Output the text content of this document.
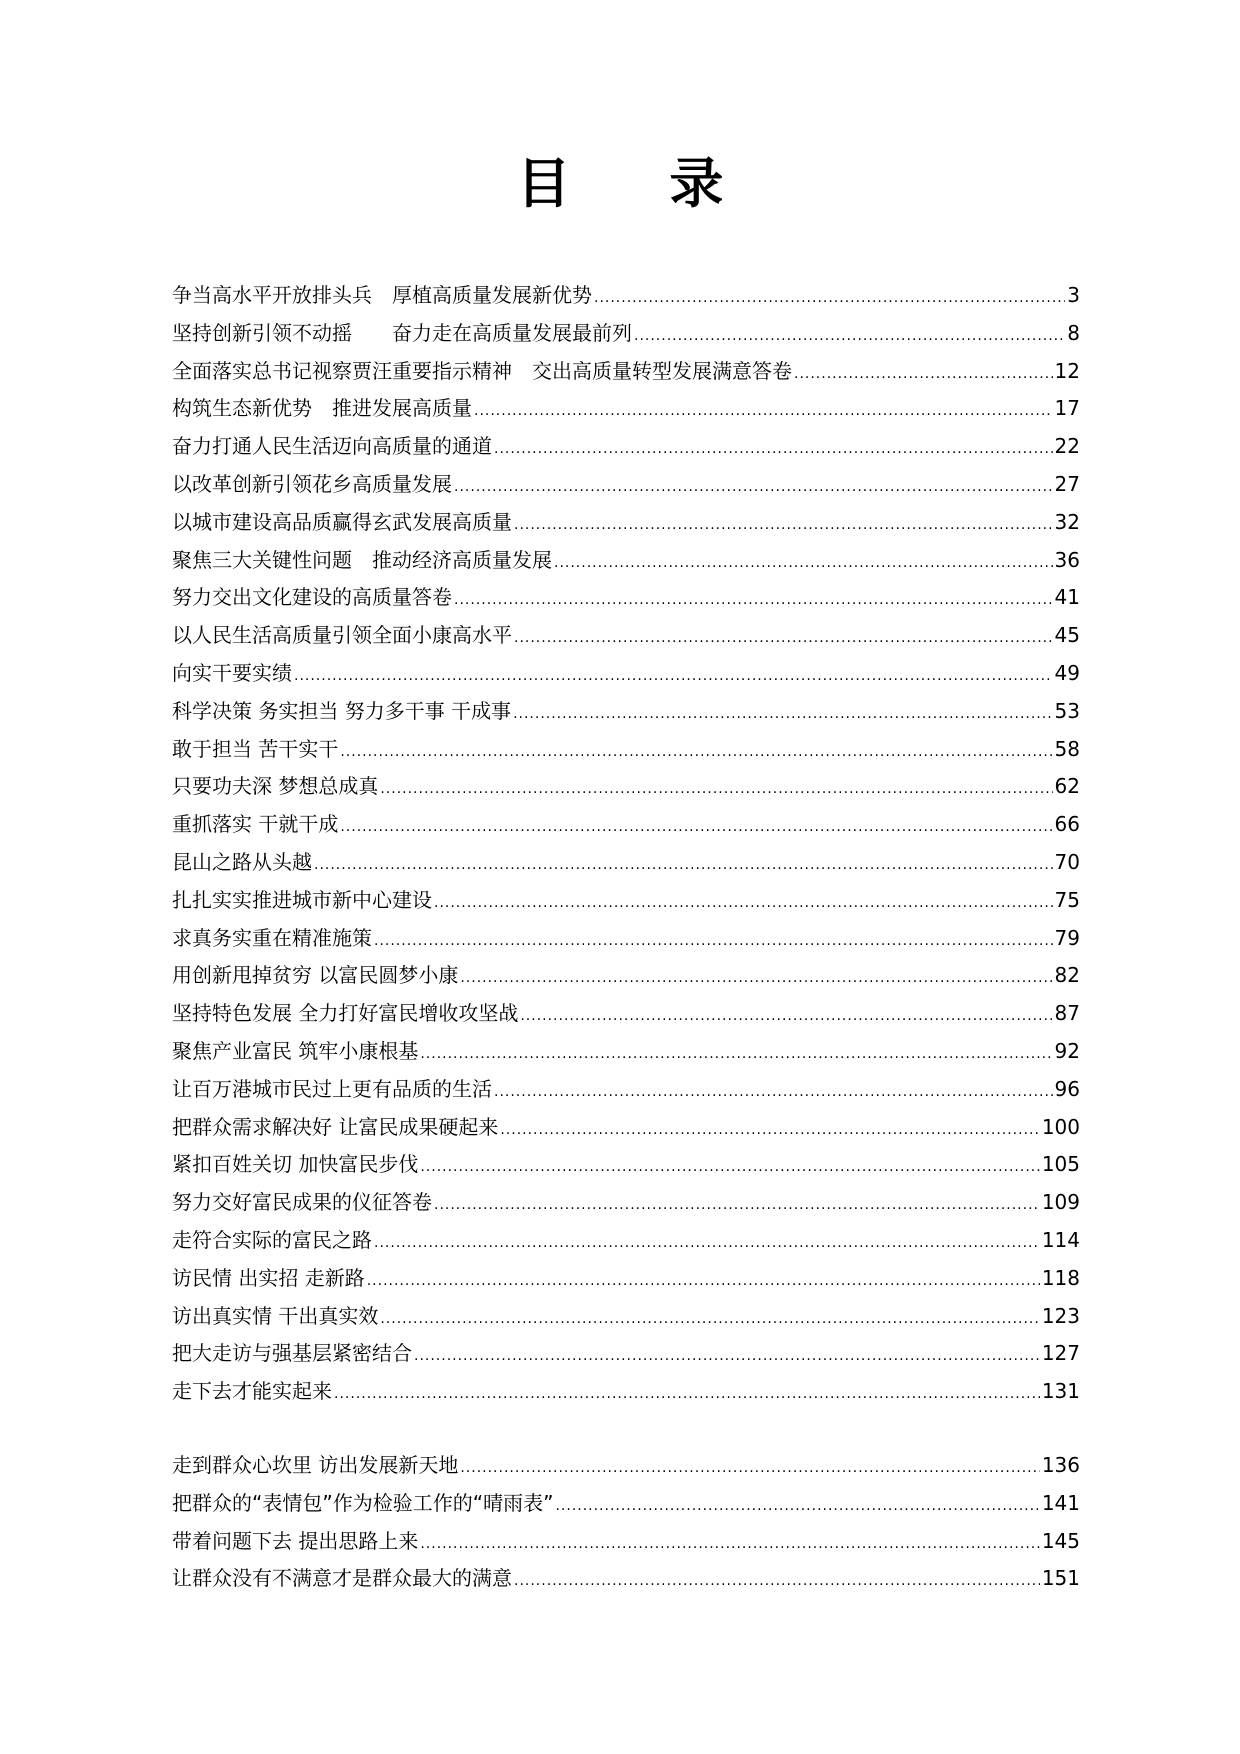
目 录
争当高水平开放排头兵　厚植高质量发展新优势 .....	3
坚持创新引领不动摇　　奋力走在高质量发展最前列 .....	8
全面落实总书记视察贾汪重要指示精神　交出高质量转型发展满意答卷 .....	12
构筑生态新优势　推进发展高质量 .....	17
奋力打通人民生活迈向高质量的通道 .....	22
以改革创新引领花乡高质量发展 .....	27
以城市建设高品质赢得玄武发展高质量 .....	32
聚焦三大关键性问题　推动经济高质量发展 .....	36
努力交出文化建设的高质量答卷 .....	41
以人民生活高质量引领全面小康高水平 .....	45
向实干要实绩 .....	49
科学决策 务实担当 努力多干事 干成事 .....	53
敢于担当 苦干实干 .....	58
只要功夫深 梦想总成真 .....	62
重抓落实 干就干成 .....	66
昆山之路从头越 .....	70
扎扎实实推进城市新中心建设 .....	75
求真务实重在精准施策 .....	79
用创新甩掉贫穷 以富民圆梦小康 .....	82
坚持特色发展 全力打好富民增收攻坚战 .....	87
聚焦产业富民 筑牢小康根基 .....	92
让百万港城市民过上更有品质的生活 .....	96
把群众需求解决好 让富民成果硬起来 .....	100
紧扣百姓关切 加快富民步伐 .....	105
努力交好富民成果的仪征答卷 .....	109
走符合实际的富民之路 .....	114
访民情 出实招 走新路 .....	118
访出真实情 干出真实效 .....	123
把大走访与强基层紧密结合 .....	127
走下去才能实起来 .....	131
走到群众心坎里 访出发展新天地 .....	136
把群众的“表情包”作为检验工作的“晴雨表” .....	141
带着问题下去 提出思路上来 .....	145
让群众没有不满意才是群众最大的满意 .....	151
